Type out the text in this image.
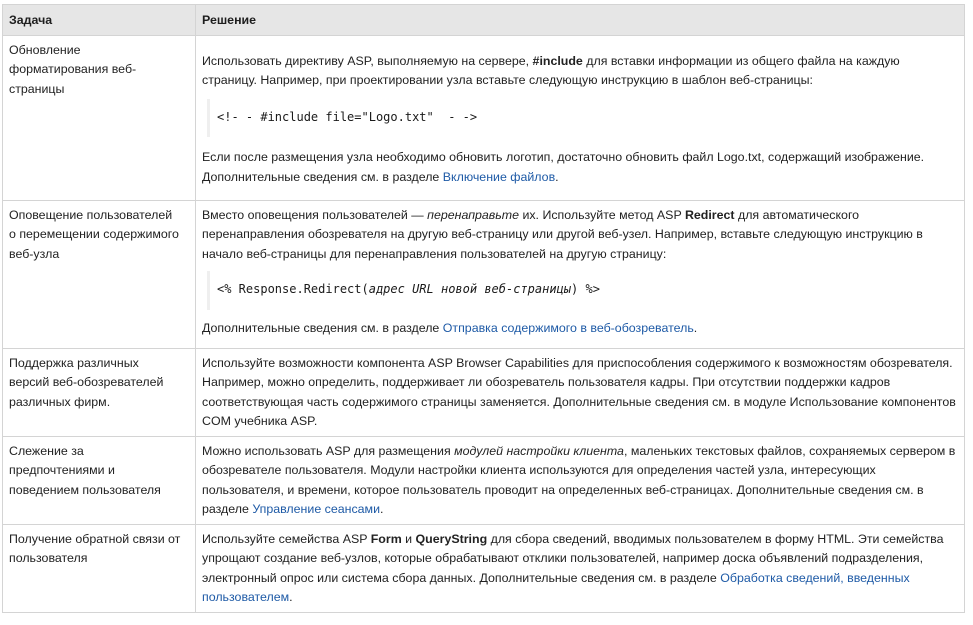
Задача	Решение
Обновление форматирования веб-страницы	Использовать директиву ASP, выполняемую на сервере, #include для вставки информации из общего файла на каждую страницу. Например, при проектировании узла вставьте следующую инструкцию в шаблон веб-страницы:

<!- - #include file="Logo.txt"  - ->

Если после размещения узла необходимо обновить логотип, достаточно обновить файл Logo.txt, содержащий изображение. Дополнительные сведения см. в разделе Включение файлов.

Оповещение пользователей о перемещении содержимого веб-узла	Вместо оповещения пользователей — перенаправьте их. Используйте метод ASP Redirect для автоматического перенаправления обозревателя на другую веб-страницу или другой веб-узел. Например, вставьте следующую инструкцию в начало веб-страницы для перенаправления пользователей на другую страницу:

<% Response.Redirect(адрес URL новой веб-страницы) %>

Дополнительные сведения см. в разделе Отправка содержимого в веб-обозреватель.

Поддержка различных версий веб-обозревателей различных фирм.	Используйте возможности компонента ASP Browser Capabilities для приспособления содержимого к возможностям обозревателя. Например, можно определить, поддерживает ли обозреватель пользователя кадры. При отсутствии поддержки кадров соответствующая часть содержимого страницы заменяется. Дополнительные сведения см. в модуле Использование компонентов COM учебника ASP.

Слежение за предпочтениями и поведением пользователя	Можно использовать ASP для размещения модулей настройки клиента, маленьких текстовых файлов, сохраняемых сервером в обозревателе пользователя. Модули настройки клиента используются для определения частей узла, интересующих пользователя, и времени, которое пользователь проводит на определенных веб-страницах. Дополнительные сведения см. в разделе Управление сеансами.

Получение обратной связи от пользователя	Используйте семейства ASP Form и QueryString для сбора сведений, вводимых пользователем в форму HTML. Эти семейства упрощают создание веб-узлов, которые обрабатывают отклики пользователей, например доска объявлений подразделения, электронный опрос или система сбора данных. Дополнительные сведения см. в разделе Обработка сведений, введенных пользователем.
